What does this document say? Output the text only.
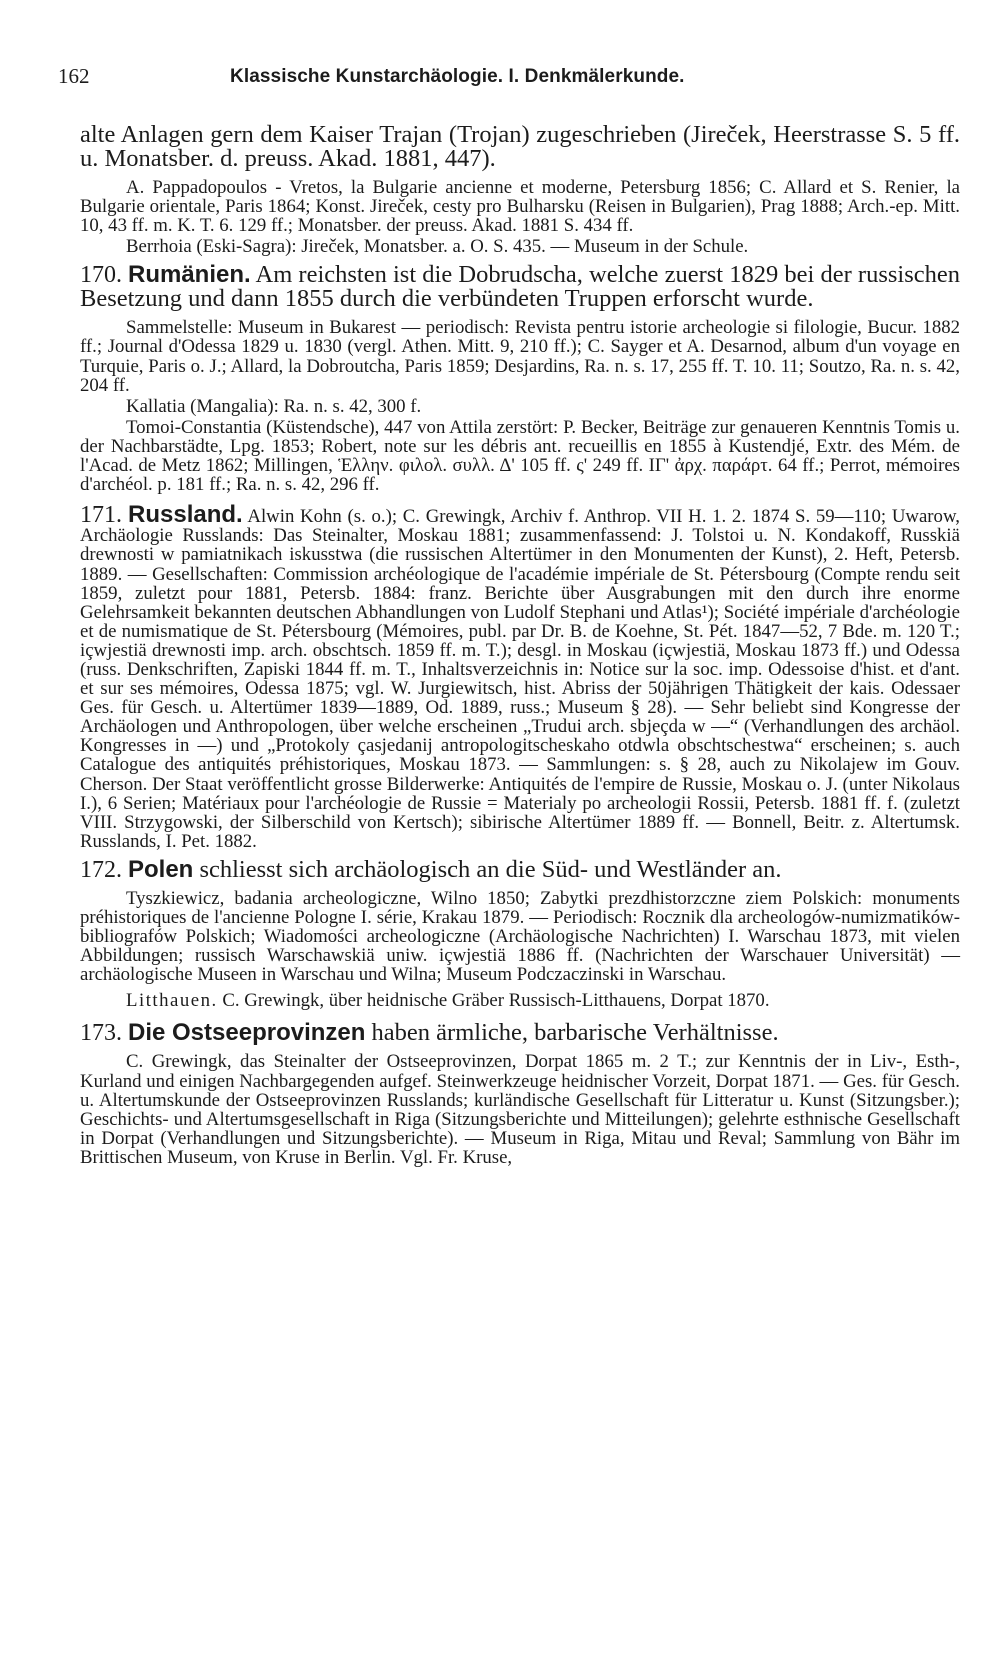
162	Klassische Kunstarchäologie. I. Denkmälerkunde.

alte Anlagen gern dem Kaiser Trajan (Trojan) zugeschrieben (Jireček, Heerstrasse S. 5 ff. u. Monatsber. d. preuss. Akad. 1881, 447).

A. Pappadopoulos - Vretos, la Bulgarie ancienne et moderne, Petersburg 1856; C. Allard et S. Renier, la Bulgarie orientale, Paris 1864; Konst. Jireček, cesty pro Bulharsku (Reisen in Bulgarien), Prag 1888; Arch.-ep. Mitt. 10, 43 ff. m. K. T. 6. 129 ff.; Monatsber. der preuss. Akad. 1881 S. 434 ff.

Berrhoia (Eski-Sagra): Jireček, Monatsber. a. O. S. 435. — Museum in der Schule.

170. Rumänien. Am reichsten ist die Dobrudscha, welche zuerst 1829 bei der russischen Besetzung und dann 1855 durch die verbündeten Truppen erforscht wurde.

Sammelstelle: Museum in Bukarest — periodisch: Revista pentru istorie archeologie si filologie, Bucur. 1882 ff.; Journal d'Odessa 1829 u. 1830 (vergl. Athen. Mitt. 9, 210 ff.); C. Sayger et A. Desarnod, album d'un voyage en Turquie, Paris o. J.; Allard, la Dobroutcha, Paris 1859; Desjardins, Ra. n. s. 17, 255 ff. T. 10. 11; Soutzo, Ra. n. s. 42, 204 ff.

Kallatia (Mangalia): Ra. n. s. 42, 300 f.

Tomoi-Constantia (Küstendsche), 447 von Attila zerstört: P. Becker, Beiträge zur genaueren Kenntnis Tomis u. der Nachbarstädte, Lpg. 1853; Robert, note sur les débris ant. recueillis en 1855 à Kustendjé, Extr. des Mém. de l'Acad. de Metz 1862; Millingen, Ἑλλην. φιλολ. συλλ. Δ' 105 ff. ς' 249 ff. ΙΓ' ἀρχ. παράρτ. 64 ff.; Perrot, mémoires d'archéol. p. 181 ff.; Ra. n. s. 42, 296 ff.

171. Russland. Alwin Kohn (s. o.); C. Grewingk, Archiv f. Anthrop. VII H. 1. 2. 1874 S. 59—110; Uwarow, Archäologie Russlands: Das Steinalter, Moskau 1881; zusammenfassend: J. Tolstoi u. N. Kondakoff, Russkiä drewnosti w pamiatnikach iskusstwa (die russischen Altertümer in den Monumenten der Kunst), 2. Heft, Petersb. 1889. — Gesellschaften: Commission archéologique de l'académie impériale de St. Pétersbourg (Compte rendu seit 1859, zuletzt pour 1881, Petersb. 1884: franz. Berichte über Ausgrabungen mit den durch ihre enorme Gelehrsamkeit bekannten deutschen Abhandlungen von Ludolf Stephani und Atlas¹); Société impériale d'archéologie et de numismatique de St. Pétersbourg (Mémoires, publ. par Dr. B. de Koehne, St. Pét. 1847—52, 7 Bde. m. 120 T.; içwjestiä drewnosti imp. arch. obschtsch. 1859 ff. m. T.); desgl. in Moskau (içwjestiä, Moskau 1873 ff.) und Odessa (russ. Denkschriften, Zapiski 1844 ff. m. T., Inhaltsverzeichnis in: Notice sur la soc. imp. Odessoise d'hist. et d'ant. et sur ses mémoires, Odessa 1875; vgl. W. Jurgiewitsch, hist. Abriss der 50jährigen Thätigkeit der kais. Odessaer Ges. für Gesch. u. Altertümer 1839—1889, Od. 1889, russ.; Museum § 28). — Sehr beliebt sind Kongresse der Archäologen und Anthropologen, über welche erscheinen „Trudui arch. sbjeçda w —“ (Verhandlungen des archäol. Kongresses in —) und „Protokoly çasjedanij antropologitscheskaho otdwla obschtschestwa“ erscheinen; s. auch Catalogue des antiquités préhistoriques, Moskau 1873. — Sammlungen: s. § 28, auch zu Nikolajew im Gouv. Cherson. Der Staat veröffentlicht grosse Bilderwerke: Antiquités de l'empire de Russie, Moskau o. J. (unter Nikolaus I.), 6 Serien; Matériaux pour l'archéologie de Russie = Materialy po archeologii Rossii, Petersb. 1881 ff. f. (zuletzt VIII. Strzygowski, der Silberschild von Kertsch); sibirische Altertümer 1889 ff. — Bonnell, Beitr. z. Altertumsk. Russlands, I. Pet. 1882.

172. Polen schliesst sich archäologisch an die Süd- und Westländer an.

Tyszkiewicz, badania archeologiczne, Wilno 1850; Zabytki prezdhistorzczne ziem Polskich: monuments préhistoriques de l'ancienne Pologne I. série, Krakau 1879. — Periodisch: Rocznik dla archeologów-numizmatików-bibliografów Polskich; Wiadomości archeologiczne (Archäologische Nachrichten) I. Warschau 1873, mit vielen Abbildungen; russisch Warschawskiä uniw. içwjestiä 1886 ff. (Nachrichten der Warschauer Universität) — archäologische Museen in Warschau und Wilna; Museum Podczaczinski in Warschau.

Litthauen. C. Grewingk, über heidnische Gräber Russisch-Litthauens, Dorpat 1870.

173. Die Ostseeprovinzen haben ärmliche, barbarische Verhältnisse.

C. Grewingk, das Steinalter der Ostseeprovinzen, Dorpat 1865 m. 2 T.; zur Kenntnis der in Liv-, Esth-, Kurland und einigen Nachbargegenden aufgef. Steinwerkzeuge heidnischer Vorzeit, Dorpat 1871. — Ges. für Gesch. u. Altertumskunde der Ostseeprovinzen Russlands; kurländische Gesellschaft für Litteratur u. Kunst (Sitzungsber.); Geschichts- und Altertumsgesellschaft in Riga (Sitzungsberichte und Mitteilungen); gelehrte esthnische Gesellschaft in Dorpat (Verhandlungen und Sitzungsberichte). — Museum in Riga, Mitau und Reval; Sammlung von Bähr im Brittischen Museum, von Kruse in Berlin. Vgl. Fr. Kruse,
